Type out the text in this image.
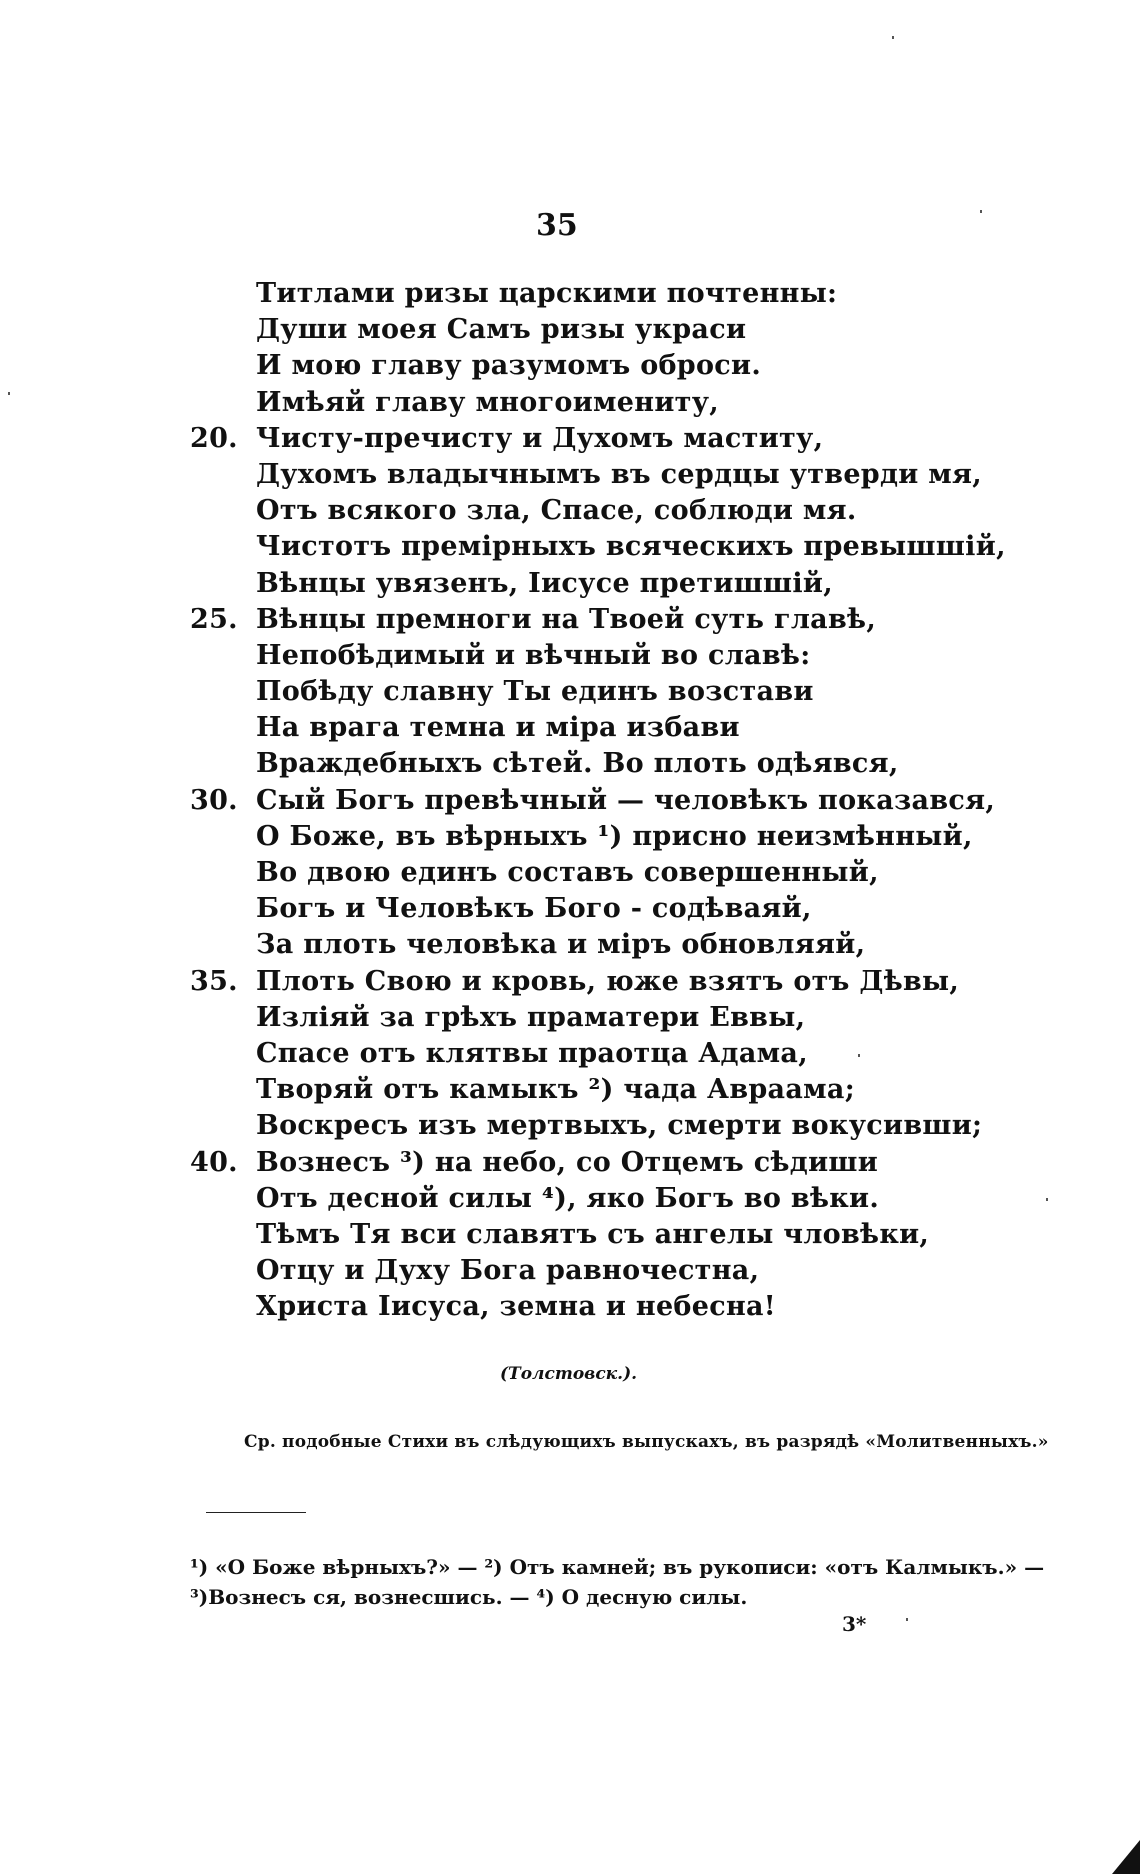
35
Титлами ризы царскими почтенны:
Души моея Самъ ризы украси
И мою главу разумомъ оброси.
Имѣяй главу многоимениту,
20. Чисту-пречисту и Духомъ маститу,
Духомъ владычнымъ въ сердцы утверди мя,
Отъ всякого зла, Спасе, соблюди мя.
Чистотъ премiрныхъ всяческихъ превышшiй,
Вѣнцы увязенъ, Iисусе претишшiй,
25. Вѣнцы премноги на Твоей суть главѣ,
Непобѣдимый и вѣчный во славѣ:
Побѣду славну Ты единъ возстави
На врага темна и мiра избави
Враждебныхъ сѣтей. Во плоть одѣявся,
30. Сый Богъ превѣчный — человѣкъ показався,
О Боже, въ вѣрныхъ ¹) присно неизмѣнный,
Во двою единъ составъ совершенный,
Богъ и Человѣкъ Бого - содѣваяй,
За плоть человѣка и мiръ обновляяй,
35. Плоть Свою и кровь, юже взятъ отъ Дѣвы,
Излiяй за грѣхъ праматери Еввы,
Спасе отъ клятвы праотца Адама,
Творяй отъ камыкъ ²) чада Авраама;
Воскресъ изъ мертвыхъ, смерти вокусивши;
40. Вознесъ ³) на небо, со Отцемъ сѣдиши
Отъ десной силы ⁴), яко Богъ во вѣки.
Тѣмъ Тя вси славятъ съ ангелы чловѣки,
Отцу и Духу Бога равночестна,
Христа Iисуса, земна и небесна!
(Толстовск.).
Ср. подобные Стихи въ слѣдующихъ выпускахъ, въ разрядѣ «Молитвенныхъ.»
¹) «О Боже вѣрныхъ?» — ²) Отъ камней; въ рукописи: «отъ Калмыкъ.» —
³)Вознесъ ся, вознесшись. — ⁴) О десную силы.
3*
